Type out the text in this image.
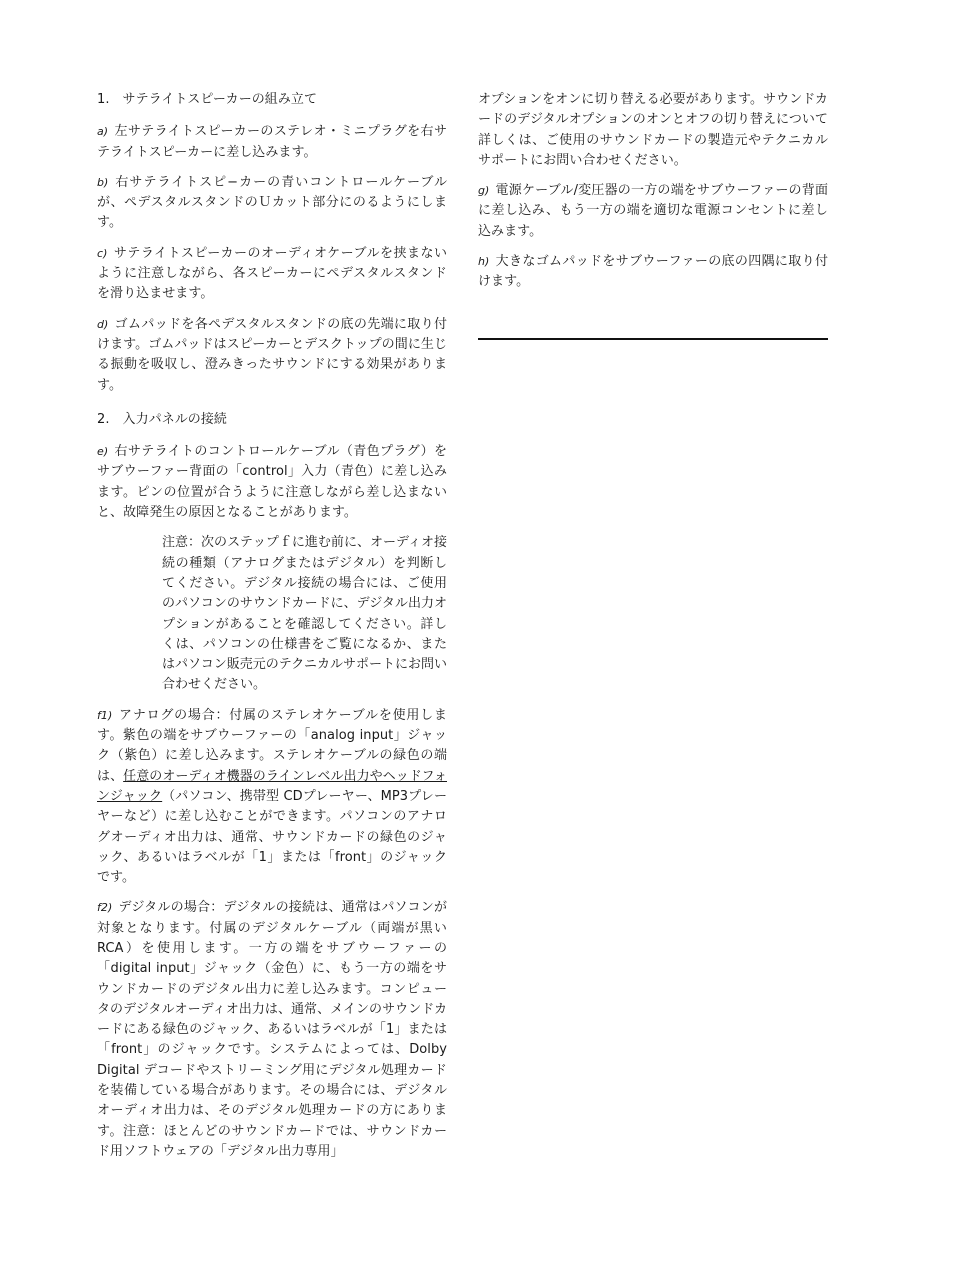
1.　サテライトスピーカーの組み立て

a) 左サテライトスピーカーのステレオ・ミニプラグを右サテライトスピーカーに差し込みます。

b) 右サテライトスピ−カーの青いコントロールケーブルが、ペデスタルスタンドのＵカット部分にのるようにします。

c) サテライトスピーカーのオーディオケーブルを挟まないように注意しながら、各スピーカーにペデスタルスタンドを滑り込ませます。

d) ゴムパッドを各ペデスタルスタンドの底の先端に取り付けます。ゴムパッドはスピーカーとデスクトップの間に生じる振動を吸収し、澄みきったサウンドにする効果があります。

2.　入力パネルの接続

e) 右サテライトのコントロールケーブル（青色プラグ）をサブウーファー背面の「control」入力（青色）に差し込みます。ピンの位置が合うように注意しながら差し込まないと、故障発生の原因となることがあります。

注意：次のステップｆに進む前に、オーディオ接続の種類（アナログまたはデジタル）を判断してください。デジタル接続の場合には、ご使用のパソコンのサウンドカードに、デジタル出力オプションがあることを確認してください。詳しくは、パソコンの仕様書をご覧になるか、またはパソコン販売元のテクニカルサポートにお問い合わせください。

f1) アナログの場合：付属のステレオケーブルを使用します。紫色の端をサブウーファーの「analog input」ジャック（紫色）に差し込みます。ステレオケーブルの緑色の端は、任意のオーディオ機器のラインレベル出力やヘッドフォンジャック（パソコン、携帯型 CDプレーヤー、MP3プレーヤーなど）に差し込むことができます。パソコンのアナログオーディオ出力は、通常、サウンドカードの緑色のジャック、あるいはラベルが「1」または「front」のジャックです。

f2) デジタルの場合：デジタルの接続は、通常はパソコンが対象となります。付属のデジタルケーブル（両端が黒い RCA）を使用します。一方の端をサブウーファーの「digital input」ジャック（金色）に、もう一方の端をサウンドカードのデジタル出力に差し込みます。コンピュータのデジタルオーディオ出力は、通常、メインのサウンドカードにある緑色のジャック、あるいはラベルが「1」または「front」のジャックです。システムによっては、Dolby Digital デコードやストリーミング用にデジタル処理カードを装備している場合があります。その場合には、デジタルオーディオ出力は、そのデジタル処理カードの方にあります。注意：ほとんどのサウンドカードでは、サウンドカード用ソフトウェアの「デジタル出力専用」

オプションをオンに切り替える必要があります。サウンドカードのデジタルオプションのオンとオフの切り替えについて詳しくは、ご使用のサウンドカードの製造元やテクニカルサポートにお問い合わせください。

g) 電源ケーブル/変圧器の一方の端をサブウーファーの背面に差し込み、もう一方の端を適切な電源コンセントに差し込みます。

h) 大きなゴムパッドをサブウーファーの底の四隅に取り付けます。
